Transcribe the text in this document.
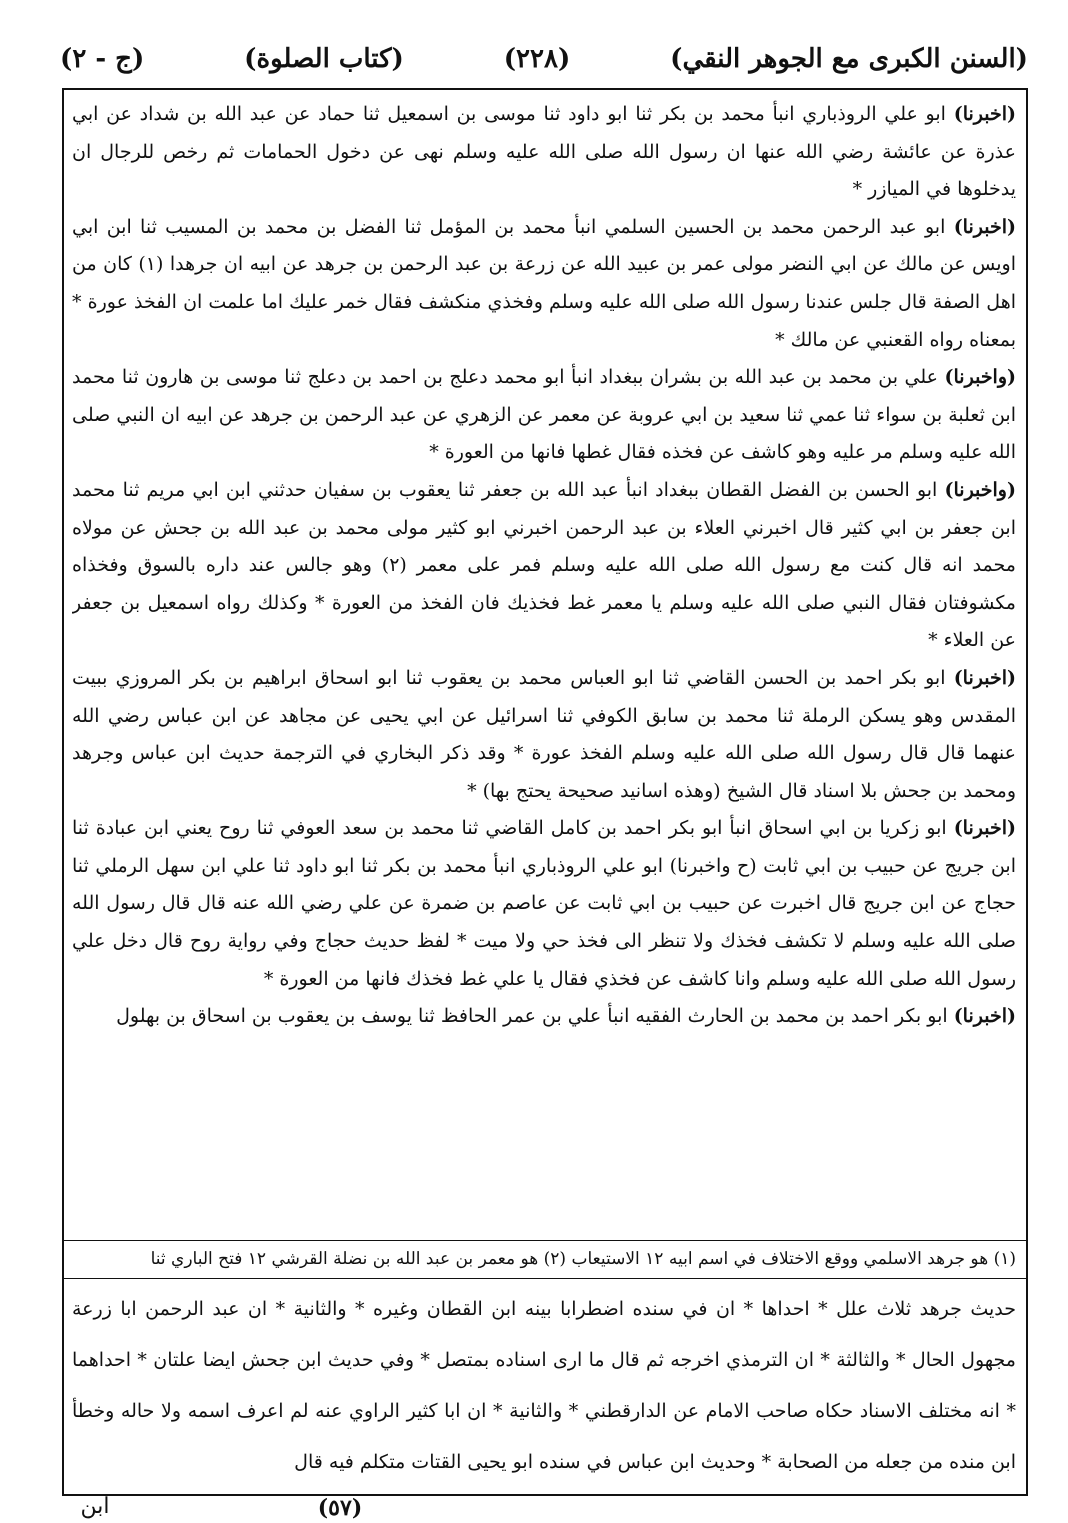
(السنن الكبرى مع الجوهر النقي)
(٢٢٨)
(كتاب الصلوة)
(ج - ٢)

(اخبرنا) ابو علي الروذباري انبأ محمد بن بكر ثنا ابو داود ثنا موسى بن اسمعيل ثنا حماد عن عبد الله بن شداد عن ابي عذرة عن عائشة رضي الله عنها ان رسول الله صلى الله عليه وسلم نهى عن دخول الحمامات ثم رخص للرجال ان يدخلوها في الميازر *

(اخبرنا) ابو عبد الرحمن محمد بن الحسين السلمي انبأ محمد بن المؤمل ثنا الفضل بن محمد بن المسيب ثنا ابن ابي اويس عن مالك عن ابي النضر مولى عمر بن عبيد الله عن زرعة بن عبد الرحمن بن جرهد عن ابيه ان جرهدا (١) كان من اهل الصفة قال جلس عندنا رسول الله صلى الله عليه وسلم وفخذي منكشف فقال خمر عليك اما علمت ان الفخذ عورة * بمعناه رواه القعنبي عن مالك *

(واخبرنا) علي بن محمد بن عبد الله بن بشران ببغداد انبأ ابو محمد دعلج بن احمد بن دعلج ثنا موسى بن هارون ثنا محمد ابن ثعلبة بن سواء ثنا عمي ثنا سعيد بن ابي عروبة عن معمر عن الزهري عن عبد الرحمن بن جرهد عن ابيه ان النبي صلى الله عليه وسلم مر عليه وهو كاشف عن فخذه فقال غطها فانها من العورة *

(واخبرنا) ابو الحسن بن الفضل القطان ببغداد انبأ عبد الله بن جعفر ثنا يعقوب بن سفيان حدثني ابن ابي مريم ثنا محمد ابن جعفر بن ابي كثير قال اخبرني العلاء بن عبد الرحمن اخبرني ابو كثير مولى محمد بن عبد الله بن جحش عن مولاه محمد انه قال كنت مع رسول الله صلى الله عليه وسلم فمر على معمر (٢) وهو جالس عند داره بالسوق وفخذاه مكشوفتان فقال النبي صلى الله عليه وسلم يا معمر غط فخذيك فان الفخذ من العورة * وكذلك رواه اسمعيل بن جعفر عن العلاء *

(اخبرنا) ابو بكر احمد بن الحسن القاضي ثنا ابو العباس محمد بن يعقوب ثنا ابو اسحاق ابراهيم بن بكر المروزي ببيت المقدس وهو يسكن الرملة ثنا محمد بن سابق الكوفي ثنا اسرائيل عن ابي يحيى عن مجاهد عن ابن عباس رضي الله عنهما قال قال رسول الله صلى الله عليه وسلم الفخذ عورة * وقد ذكر البخاري في الترجمة حديث ابن عباس وجرهد ومحمد بن جحش بلا اسناد قال الشيخ (وهذه اسانيد صحيحة يحتج بها) *

(اخبرنا) ابو زكريا بن ابي اسحاق انبأ ابو بكر احمد بن كامل القاضي ثنا محمد بن سعد العوفي ثنا روح يعني ابن عبادة ثنا ابن جريج عن حبيب بن ابي ثابت (ح واخبرنا) ابو علي الروذباري انبأ محمد بن بكر ثنا ابو داود ثنا علي ابن سهل الرملي ثنا حجاج عن ابن جريج قال اخبرت عن حبيب بن ابي ثابت عن عاصم بن ضمرة عن علي رضي الله عنه قال قال رسول الله صلى الله عليه وسلم لا تكشف فخذك ولا تنظر الى فخذ حي ولا ميت * لفظ حديث حجاج وفي رواية روح قال دخل علي رسول الله صلى الله عليه وسلم وانا كاشف عن فخذي فقال يا علي غط فخذك فانها من العورة *

(اخبرنا) ابو بكر احمد بن محمد بن الحارث الفقيه انبأ علي بن عمر الحافظ ثنا يوسف بن يعقوب بن اسحاق بن بهلول

(١) هو جرهد الاسلمي ووقع الاختلاف في اسم ابيه ١٢ الاستيعاب (٢) هو معمر بن عبد الله بن نضلة القرشي ١٢ فتح الباري ثنا
حديث جرهد ثلاث علل * احداها * ان في سنده اضطرابا بينه ابن القطان وغيره * والثانية * ان عبد الرحمن ابا زرعة مجهول الحال * والثالثة * ان الترمذي اخرجه ثم قال ما ارى اسناده بمتصل * وفي حديث ابن جحش ايضا علتان * احداهما * انه مختلف الاسناد حكاه صاحب الامام عن الدارقطني * والثانية * ان ابا كثير الراوي عنه لم اعرف اسمه ولا حاله وخطأ ابن منده من جعله من الصحابة * وحديث ابن عباس في سنده ابو يحيى القتات متكلم فيه قال
ابن	(٥٧)
